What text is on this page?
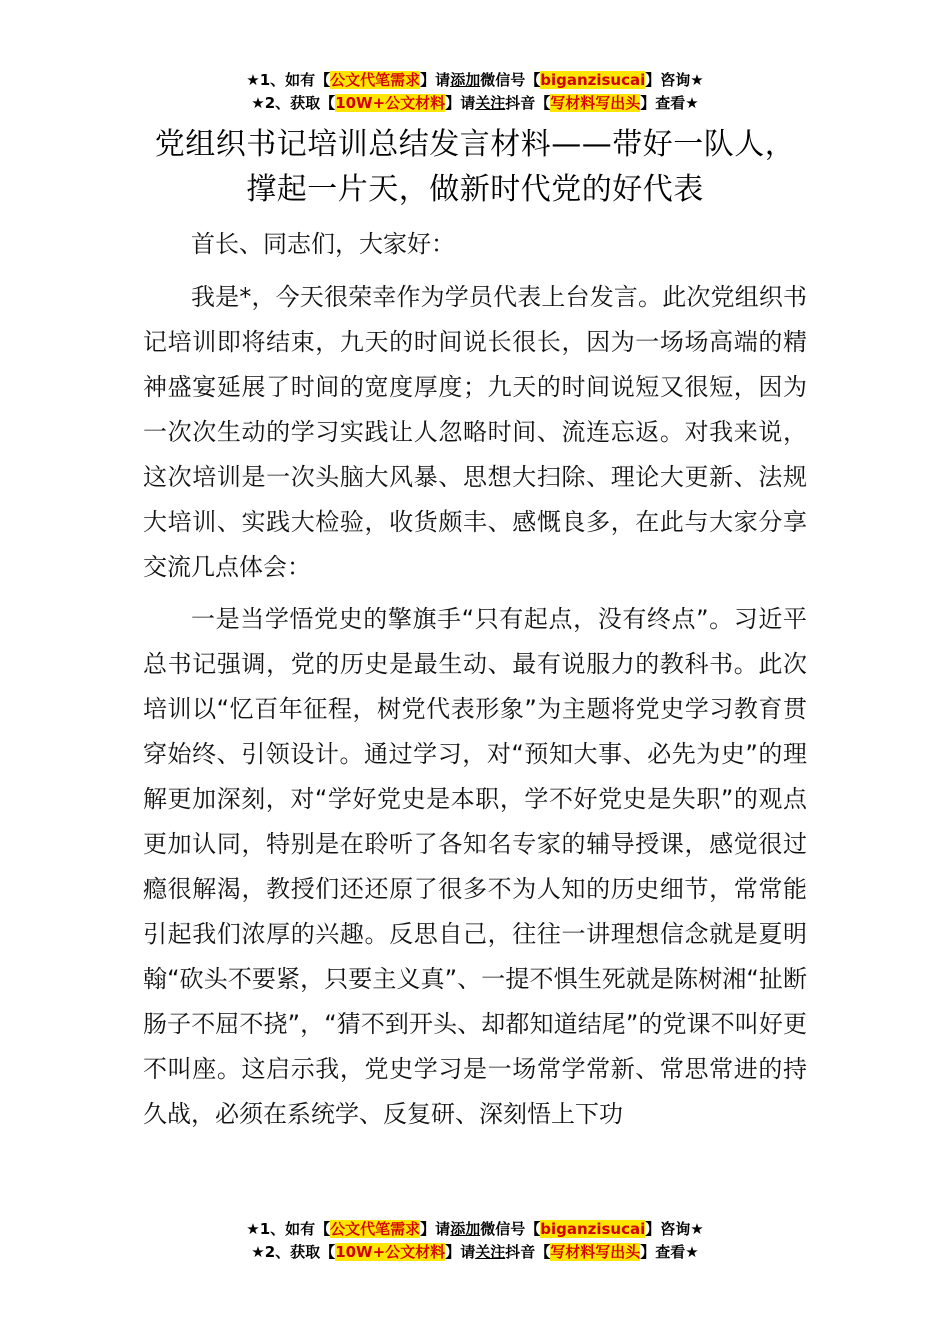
★1、如有【公文代笔需求】请添加微信号【biganzisucai】咨询★
★2、获取【10W+公文材料】请关注抖音【写材料写出头】查看★
党组织书记培训总结发言材料——带好一队人，撑起一片天，做新时代党的好代表

首长、同志们，大家好：

我是*，今天很荣幸作为学员代表上台发言。此次党组织书记培训即将结束，九天的时间说长很长，因为一场场高端的精神盛宴延展了时间的宽度厚度；九天的时间说短又很短，因为一次次生动的学习实践让人忽略时间、流连忘返。对我来说，这次培训是一次头脑大风暴、思想大扫除、理论大更新、法规大培训、实践大检验，收货颇丰、感慨良多，在此与大家分享交流几点体会：

一是当学悟党史的擎旗手“只有起点，没有终点”。习近平总书记强调，党的历史是最生动、最有说服力的教科书。此次培训以“忆百年征程，树党代表形象”为主题将党史学习教育贯穿始终、引领设计。通过学习，对“预知大事、必先为史”的理解更加深刻，对“学好党史是本职，学不好党史是失职”的观点更加认同，特别是在聆听了各知名专家的辅导授课，感觉很过瘾很解渴，教授们还还原了很多不为人知的历史细节，常常能引起我们浓厚的兴趣。反思自己，往往一讲理想信念就是夏明翰“砍头不要紧，只要主义真”、一提不惧生死就是陈树湘“扯断肠子不屈不挠”，“猜不到开头、却都知道结尾”的党课不叫好更不叫座。这启示我，党史学习是一场常学常新、常思常进的持久战，必须在系统学、反复研、深刻悟上下功

★1、如有【公文代笔需求】请添加微信号【biganzisucai】咨询★
★2、获取【10W+公文材料】请关注抖音【写材料写出头】查看★
